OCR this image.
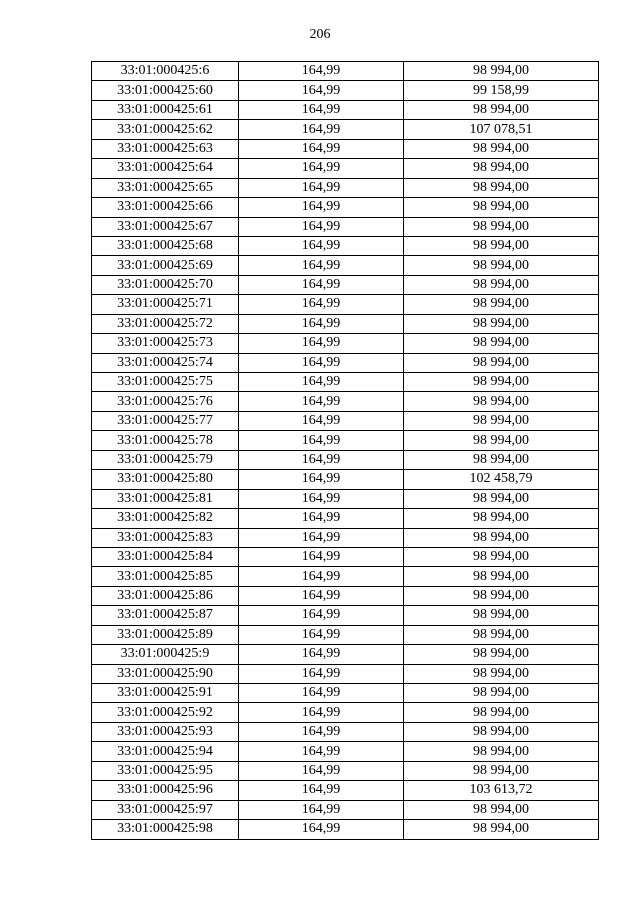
206
33:01:000425:6	164,99	98 994,00
33:01:000425:60	164,99	99 158,99
33:01:000425:61	164,99	98 994,00
33:01:000425:62	164,99	107 078,51
33:01:000425:63	164,99	98 994,00
33:01:000425:64	164,99	98 994,00
33:01:000425:65	164,99	98 994,00
33:01:000425:66	164,99	98 994,00
33:01:000425:67	164,99	98 994,00
33:01:000425:68	164,99	98 994,00
33:01:000425:69	164,99	98 994,00
33:01:000425:70	164,99	98 994,00
33:01:000425:71	164,99	98 994,00
33:01:000425:72	164,99	98 994,00
33:01:000425:73	164,99	98 994,00
33:01:000425:74	164,99	98 994,00
33:01:000425:75	164,99	98 994,00
33:01:000425:76	164,99	98 994,00
33:01:000425:77	164,99	98 994,00
33:01:000425:78	164,99	98 994,00
33:01:000425:79	164,99	98 994,00
33:01:000425:80	164,99	102 458,79
33:01:000425:81	164,99	98 994,00
33:01:000425:82	164,99	98 994,00
33:01:000425:83	164,99	98 994,00
33:01:000425:84	164,99	98 994,00
33:01:000425:85	164,99	98 994,00
33:01:000425:86	164,99	98 994,00
33:01:000425:87	164,99	98 994,00
33:01:000425:89	164,99	98 994,00
33:01:000425:9	164,99	98 994,00
33:01:000425:90	164,99	98 994,00
33:01:000425:91	164,99	98 994,00
33:01:000425:92	164,99	98 994,00
33:01:000425:93	164,99	98 994,00
33:01:000425:94	164,99	98 994,00
33:01:000425:95	164,99	98 994,00
33:01:000425:96	164,99	103 613,72
33:01:000425:97	164,99	98 994,00
33:01:000425:98	164,99	98 994,00
